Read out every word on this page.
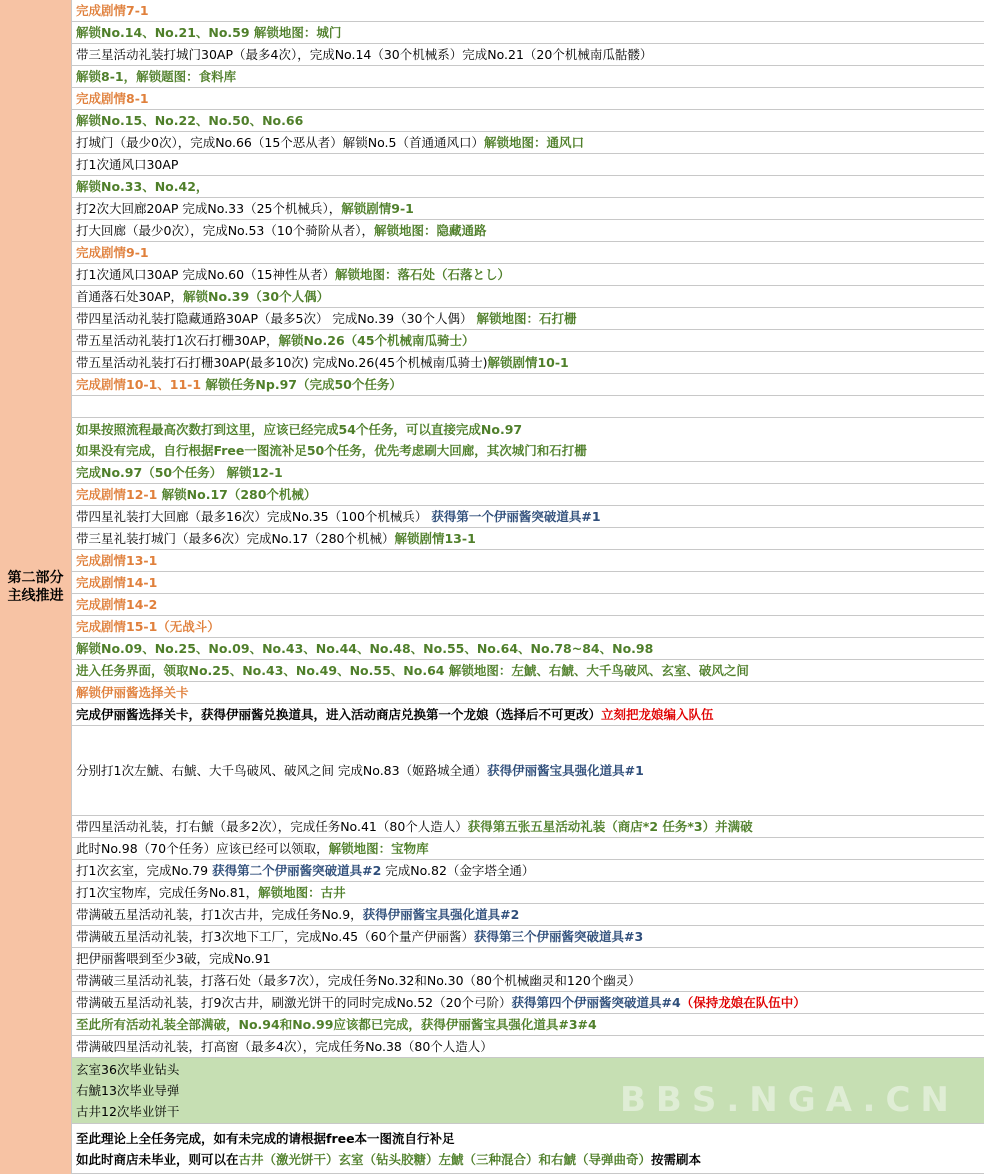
第二部分
主线推进
完成剧情7-1
解锁No.14、No.21、No.59 解锁地图：城门
带三星活动礼装打城门30AP（最多4次），完成No.14（30个机械系）完成No.21（20个机械南瓜骷髅）
解锁8-1，解锁题图：食料库
完成剧情8-1
解锁No.15、No.22、No.50、No.66
打城门（最少0次），完成No.66（15个恶从者）解锁No.5（首通通风口）解锁地图：通风口
打1次通风口30AP
解锁No.33、No.42，
打2次大回廊20AP 完成No.33（25个机械兵），解锁剧情9-1
打大回廊（最少0次），完成No.53（10个骑阶从者），解锁地图：隐藏通路
完成剧情9-1
打1次通风口30AP 完成No.60（15神性从者）解锁地图：落石处（石落とし）
首通落石处30AP，解锁No.39（30个人偶）
带四星活动礼装打隐藏通路30AP（最多5次） 完成No.39（30个人偶） 解锁地图：石打栅
带五星活动礼装打1次石打栅30AP，解锁No.26（45个机械南瓜骑士）
带五星活动礼装打石打栅30AP(最多10次) 完成No.26(45个机械南瓜骑士)解锁剧情10-1
完成剧情10-1、11-1 解锁任务Np.97（完成50个任务）
如果按照流程最高次数打到这里，应该已经完成54个任务，可以直接完成No.97
如果没有完成，自行根据Free一图流补足50个任务，优先考虑刷大回廊，其次城门和石打栅
完成No.97（50个任务） 解锁12-1
完成剧情12-1 解锁No.17（280个机械）
带四星礼装打大回廊（最多16次）完成No.35（100个机械兵） 获得第一个伊丽酱突破道具#1
带三星礼装打城门（最多6次）完成No.17（280个机械）解锁剧情13-1
完成剧情13-1
完成剧情14-1
完成剧情14-2
完成剧情15-1（无战斗）
解锁No.09、No.25、No.09、No.43、No.44、No.48、No.55、No.64、No.78~84、No.98
进入任务界面，领取No.25、No.43、No.49、No.55、No.64 解锁地图：左鯱、右鯱、大千鸟破风、玄室、破风之间
解锁伊丽酱选择关卡
完成伊丽酱选择关卡，获得伊丽酱兑换道具，进入活动商店兑换第一个龙娘（选择后不可更改）立刻把龙娘编入队伍
分别打1次左鯱、右鯱、大千鸟破风、破风之间 完成No.83（姬路城全通）获得伊丽酱宝具强化道具#1
带四星活动礼装，打右鯱（最多2次），完成任务No.41（80个人造人）获得第五张五星活动礼装（商店*2 任务*3）并满破
此时No.98（70个任务）应该已经可以领取，解锁地图：宝物库
打1次玄室，完成No.79 获得第二个伊丽酱突破道具#2 完成No.82（金字塔全通）
打1次宝物库，完成任务No.81，解锁地图：古井
带满破五星活动礼装，打1次古井，完成任务No.9，获得伊丽酱宝具强化道具#2
带满破五星活动礼装，打3次地下工厂，完成No.45（60个量产伊丽酱）获得第三个伊丽酱突破道具#3
把伊丽酱喂到至少3破，完成No.91
带满破三星活动礼装，打落石处（最多7次），完成任务No.32和No.30（80个机械幽灵和120个幽灵）
带满破五星活动礼装，打9次古井，刷激光饼干的同时完成No.52（20个弓阶）获得第四个伊丽酱突破道具#4（保持龙娘在队伍中）
至此所有活动礼装全部满破，No.94和No.99应该都已完成，获得伊丽酱宝具强化道具#3#4
带满破四星活动礼装，打高窗（最多4次），完成任务No.38（80个人造人）
玄室36次毕业钻头
右鯱13次毕业导弹
古井12次毕业饼干
至此理论上全任务完成，如有未完成的请根据free本一图流自行补足
如此时商店未毕业，则可以在古井（激光饼干）玄室（钻头胶糖）左鯱（三种混合）和右鯱（导弹曲奇）按需刷本
BBS.NGA.CN
